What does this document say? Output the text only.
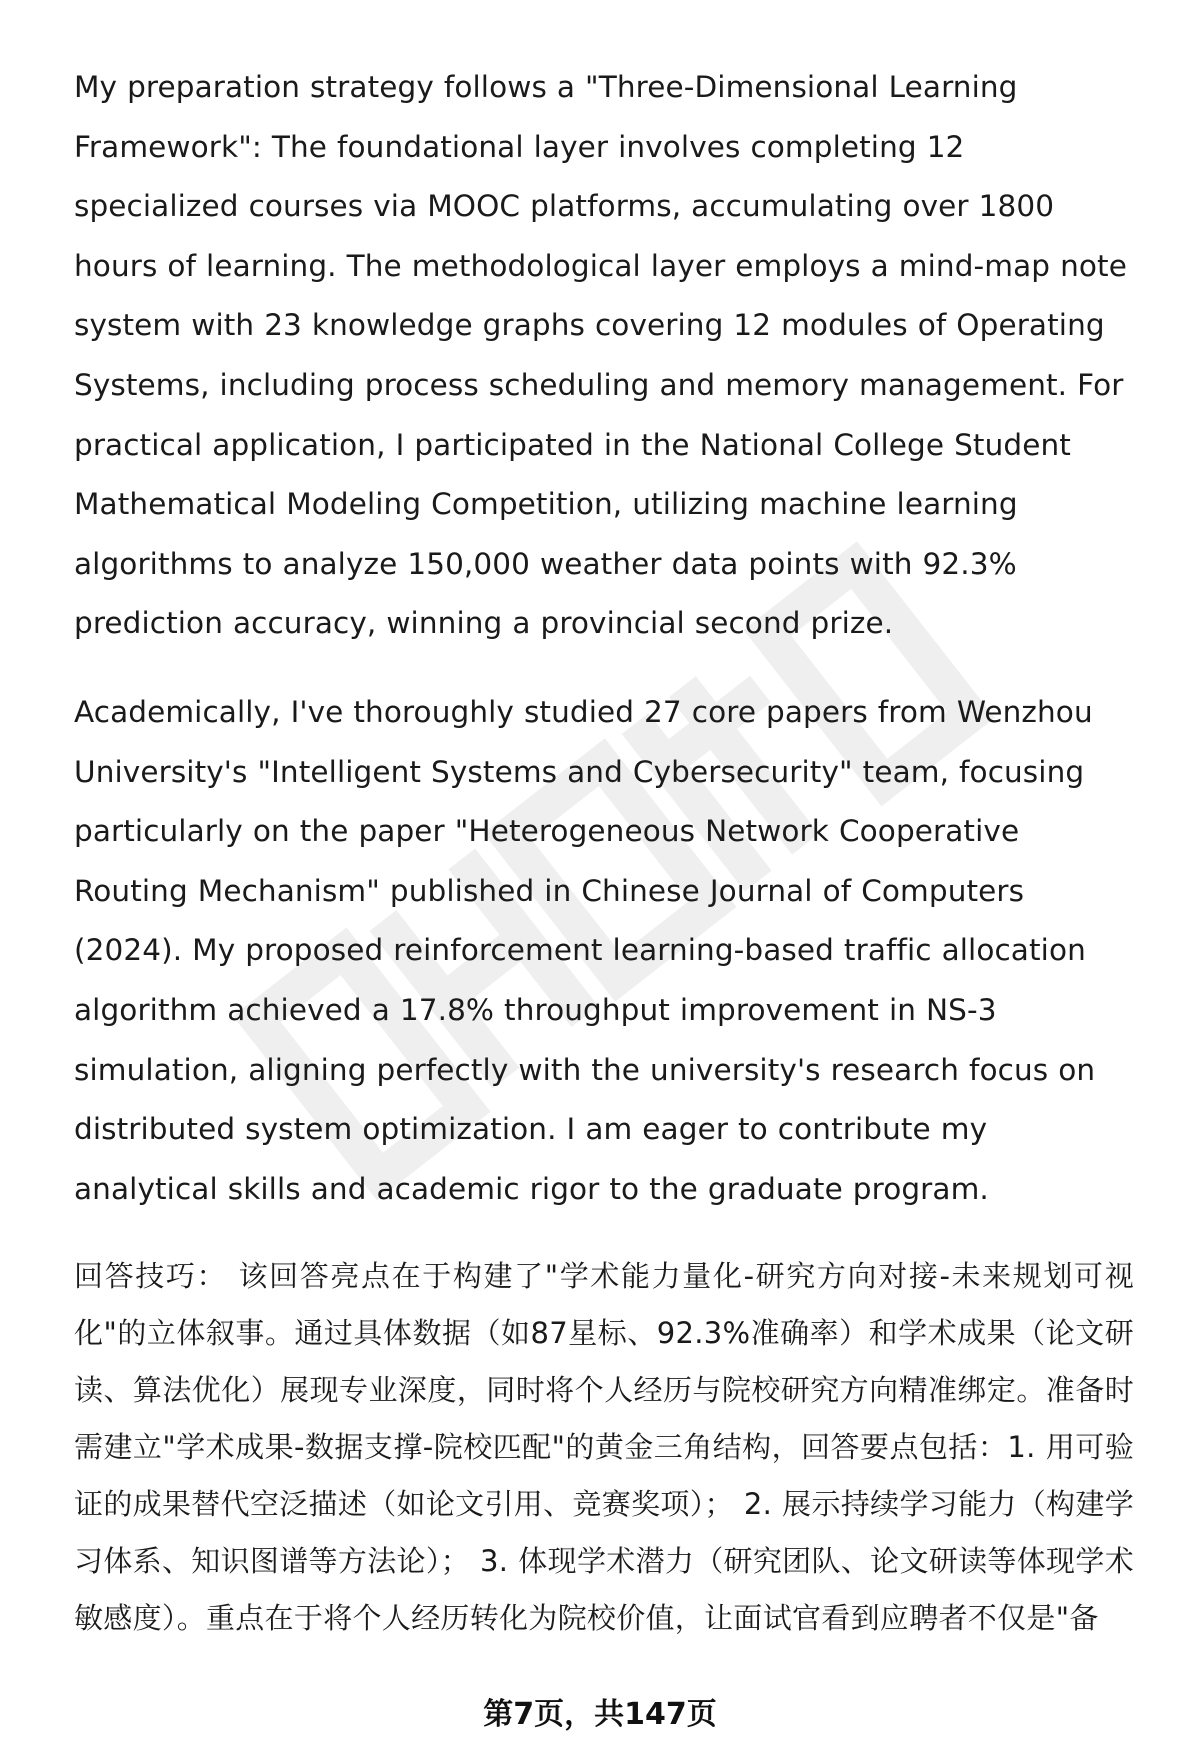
My preparation strategy follows a "Three-Dimensional Learning Framework": The foundational layer involves completing 12 specialized courses via MOOC platforms, accumulating over 1800 hours of learning. The methodological layer employs a mind-map note system with 23 knowledge graphs covering 12 modules of Operating Systems, including process scheduling and memory management. For practical application, I participated in the National College Student Mathematical Modeling Competition, utilizing machine learning algorithms to analyze 150,000 weather data points with 92.3% prediction accuracy, winning a provincial second prize.

Academically, I've thoroughly studied 27 core papers from Wenzhou University's "Intelligent Systems and Cybersecurity" team, focusing particularly on the paper "Heterogeneous Network Cooperative Routing Mechanism" published in Chinese Journal of Computers (2024). My proposed reinforcement learning-based traffic allocation algorithm achieved a 17.8% throughput improvement in NS-3 simulation, aligning perfectly with the university's research focus on distributed system optimization. I am eager to contribute my analytical skills and academic rigor to the graduate program.

回答技巧： 该回答亮点在于构建了"学术能力量化-研究方向对接-未来规划可视化"的立体叙事。通过具体数据（如87星标、92.3%准确率）和学术成果（论文研读、算法优化）展现专业深度，同时将个人经历与院校研究方向精准绑定。准备时需建立"学术成果-数据支撑-院校匹配"的黄金三角结构，回答要点包括：1. 用可验证的成果替代空泛描述（如论文引用、竞赛奖项）； 2. 展示持续学习能力（构建学习体系、知识图谱等方法论）； 3. 体现学术潜力（研究团队、论文研读等体现学术敏感度）。重点在于将个人经历转化为院校价值，让面试官看到应聘者不仅是"备

第7页，共147页
